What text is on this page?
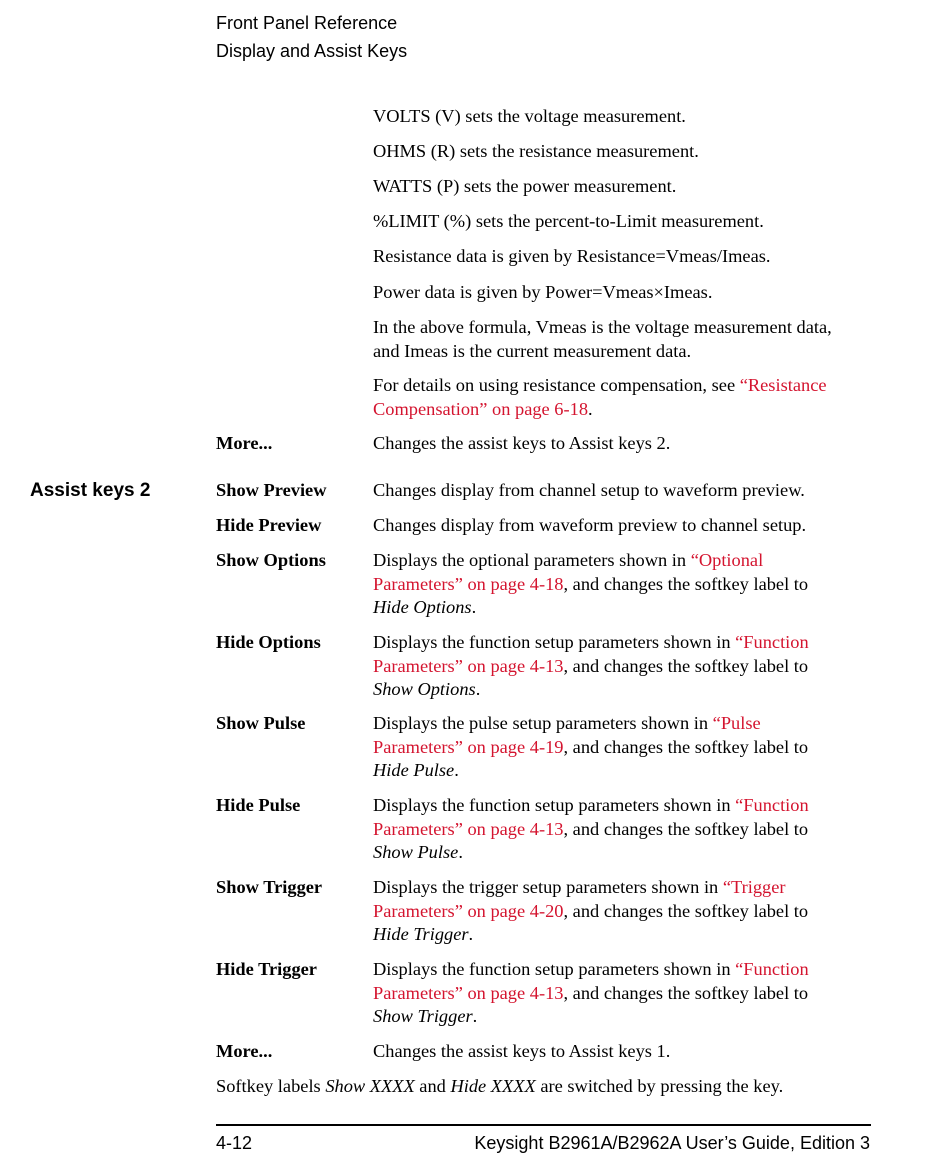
Front Panel Reference
Display and Assist Keys
VOLTS (V) sets the voltage measurement.
OHMS (R) sets the resistance measurement.
WATTS (P) sets the power measurement.
%LIMIT (%) sets the percent-to-Limit measurement.
Resistance data is given by Resistance=Vmeas/Imeas.
Power data is given by Power=Vmeas×Imeas.
In the above formula, Vmeas is the voltage measurement data,
and Imeas is the current measurement data.
For details on using resistance compensation, see “Resistance
Compensation” on page 6-18.
More...	Changes the assist keys to Assist keys 2.
Assist keys 2	Show Preview	Changes display from channel setup to waveform preview.
Hide Preview	Changes display from waveform preview to channel setup.
Show Options	Displays the optional parameters shown in “Optional
Parameters” on page 4-18, and changes the softkey label to
Hide Options.
Hide Options	Displays the function setup parameters shown in “Function
Parameters” on page 4-13, and changes the softkey label to
Show Options.
Show Pulse	Displays the pulse setup parameters shown in “Pulse
Parameters” on page 4-19, and changes the softkey label to
Hide Pulse.
Hide Pulse	Displays the function setup parameters shown in “Function
Parameters” on page 4-13, and changes the softkey label to
Show Pulse.
Show Trigger	Displays the trigger setup parameters shown in “Trigger
Parameters” on page 4-20, and changes the softkey label to
Hide Trigger.
Hide Trigger	Displays the function setup parameters shown in “Function
Parameters” on page 4-13, and changes the softkey label to
Show Trigger.
More...	Changes the assist keys to Assist keys 1.
Softkey labels Show XXXX and Hide XXXX are switched by pressing the key.
4-12	Keysight B2961A/B2962A User’s Guide, Edition 3
